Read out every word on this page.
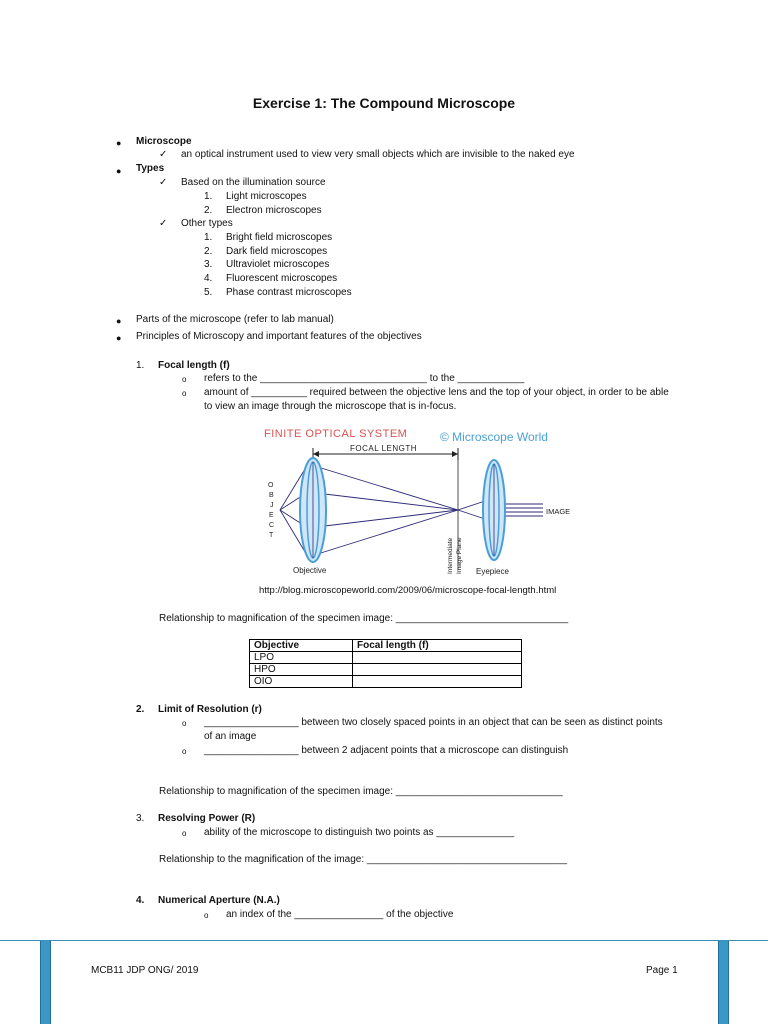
Exercise 1: The Compound Microscope
● Microscope
✓ an optical instrument used to view very small objects which are invisible to the naked eye
● Types
✓ Based on the illumination source
1. Light microscopes
2. Electron microscopes
✓ Other types
1. Bright field microscopes
2. Dark field microscopes
3. Ultraviolet microscopes
4. Fluorescent microscopes
5. Phase contrast microscopes
● Parts of the microscope (refer to lab manual)
● Principles of Microscopy and important features of the objectives
1. Focal length (f)
o refers to the ______________________________ to the ____________
o amount of __________ required between the objective lens and the top of your object, in order to be able
to view an image through the microscope that is in-focus.
FINITE OPTICAL SYSTEM	© Microscope World
FOCAL LENGTH
Intermediate Image Plane
O
B
J
E
C
T
IMAGE
Objective	Eyepiece
http://blog.microscopeworld.com/2009/06/microscope-focal-length.html
Relationship to magnification of the specimen image: _______________________________
Objective	Focal length (f)
LPO	
HPO	
OIO	
2. Limit of Resolution (r)
o _________________ between two closely spaced points in an object that can be seen as distinct points
of an image
o _________________ between 2 adjacent points that a microscope can distinguish
Relationship to magnification of the specimen image: ______________________________
3. Resolving Power (R)
o ability of the microscope to distinguish two points as ______________
Relationship to the magnification of the image: ____________________________________
4. Numerical Aperture (N.A.)
o an index of the ________________ of the objective
MCB11 JDP ONG/ 2019	Page 1
